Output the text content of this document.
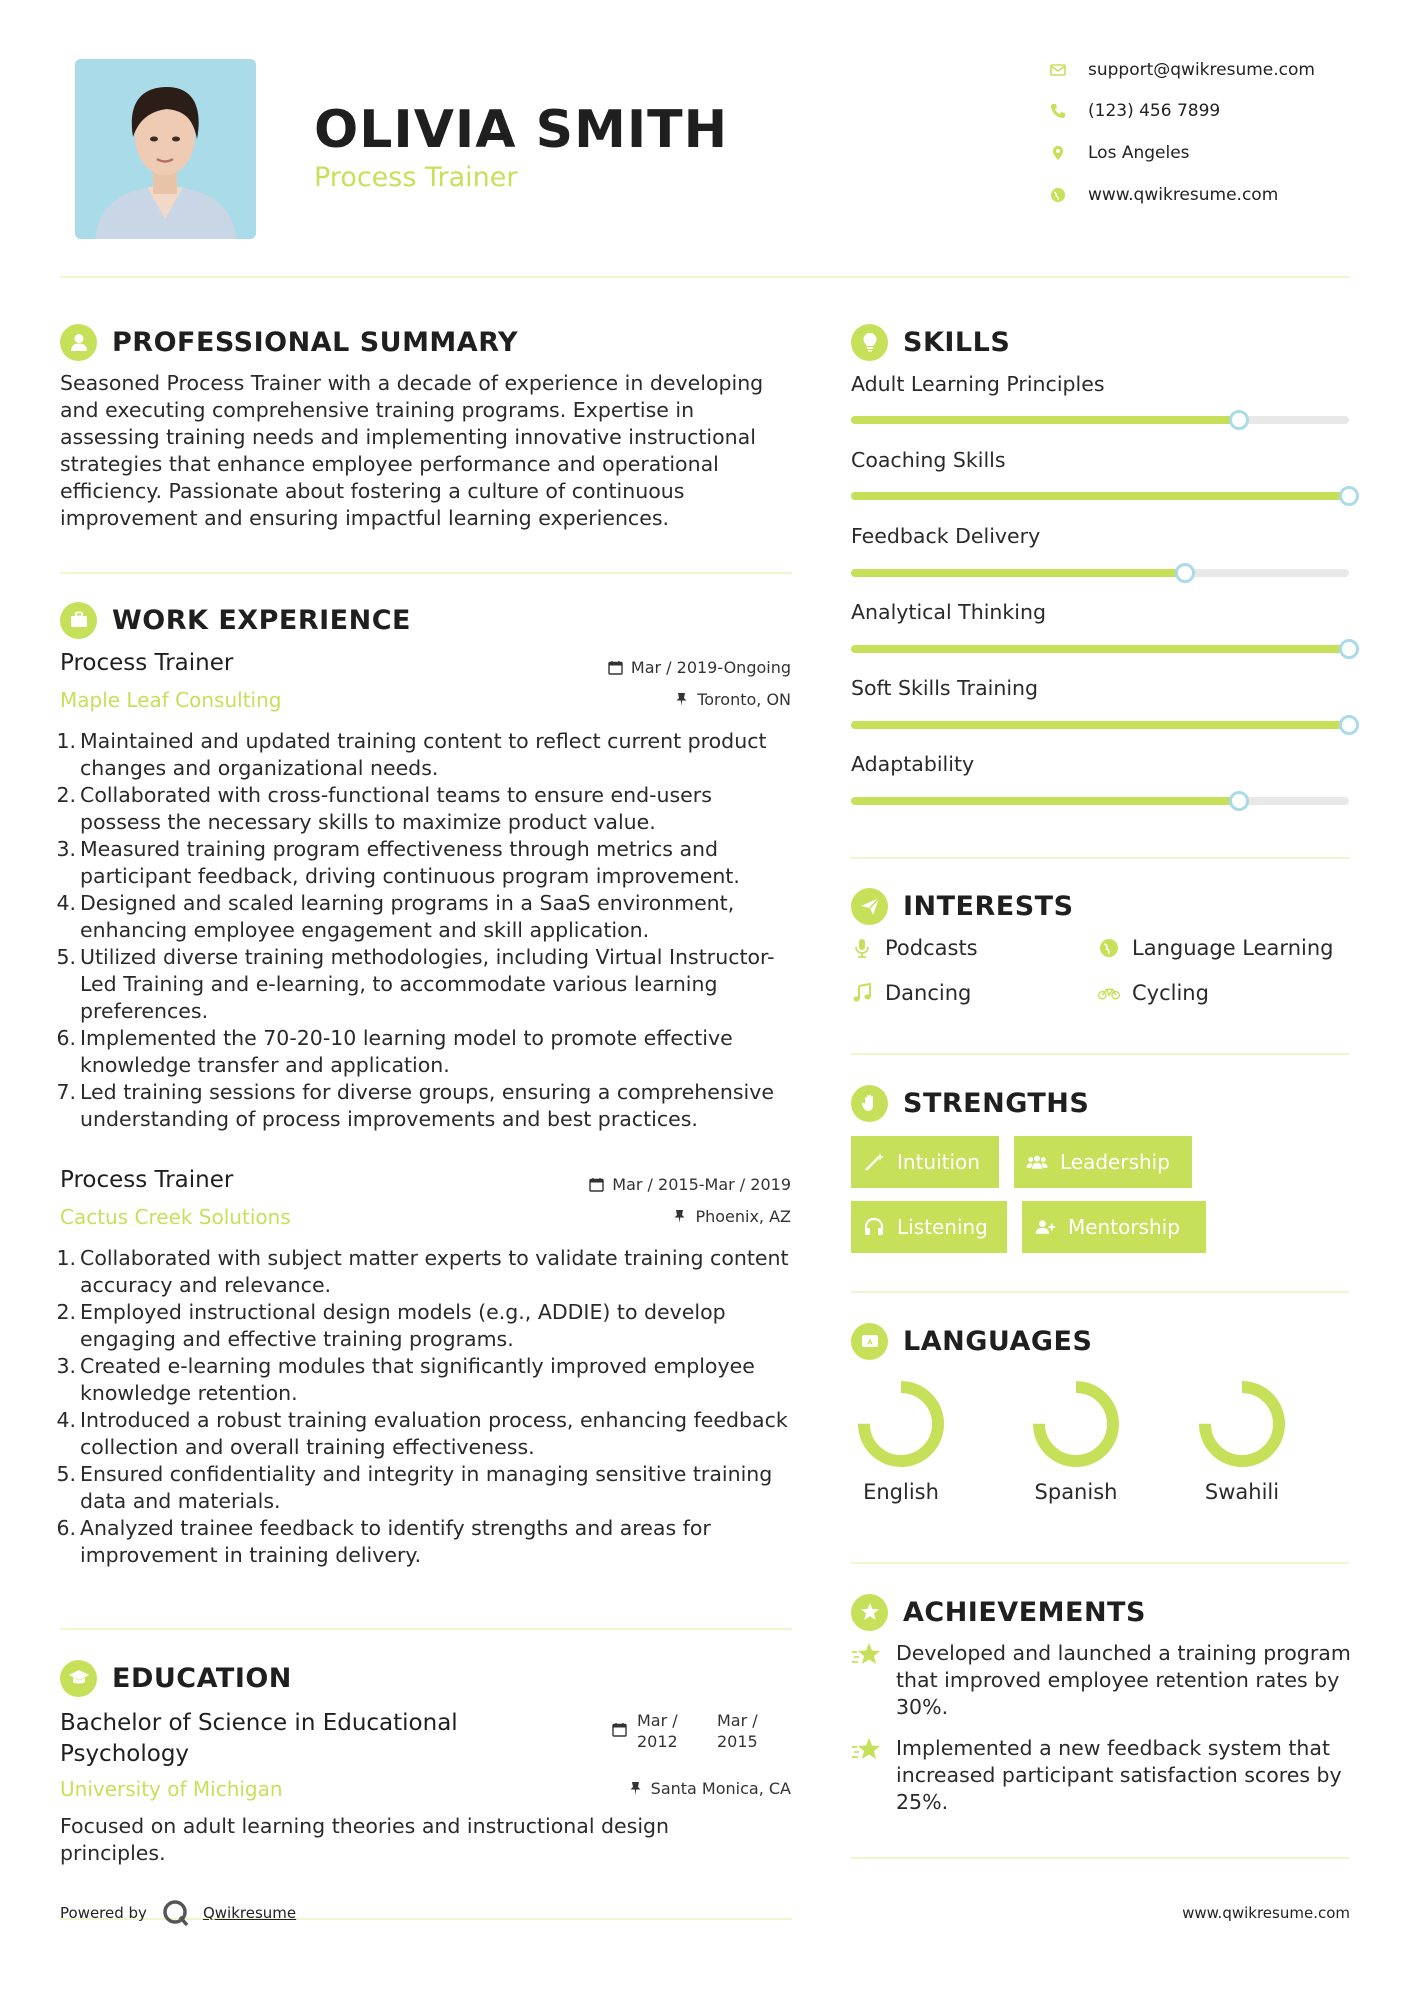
OLIVIA SMITH
Process Trainer
support@qwikresume.com
(123) 456 7899
Los Angeles
www.qwikresume.com
PROFESSIONAL SUMMARY
Seasoned Process Trainer with a decade of experience in developing and executing comprehensive training programs. Expertise in assessing training needs and implementing innovative instructional strategies that enhance employee performance and operational efficiency. Passionate about fostering a culture of continuous improvement and ensuring impactful learning experiences.
WORK EXPERIENCE
Process Trainer
Maple Leaf Consulting
Mar / 2019-Ongoing
Toronto, ON
1. Maintained and updated training content to reflect current product changes and organizational needs.
2. Collaborated with cross-functional teams to ensure end-users possess the necessary skills to maximize product value.
3. Measured training program effectiveness through metrics and participant feedback, driving continuous program improvement.
4. Designed and scaled learning programs in a SaaS environment, enhancing employee engagement and skill application.
5. Utilized diverse training methodologies, including Virtual Instructor-Led Training and e-learning, to accommodate various learning preferences.
6. Implemented the 70-20-10 learning model to promote effective knowledge transfer and application.
7. Led training sessions for diverse groups, ensuring a comprehensive understanding of process improvements and best practices.
Process Trainer
Cactus Creek Solutions
Mar / 2015-Mar / 2019
Phoenix, AZ
1. Collaborated with subject matter experts to validate training content accuracy and relevance.
2. Employed instructional design models (e.g., ADDIE) to develop engaging and effective training programs.
3. Created e-learning modules that significantly improved employee knowledge retention.
4. Introduced a robust training evaluation process, enhancing feedback collection and overall training effectiveness.
5. Ensured confidentiality and integrity in managing sensitive training data and materials.
6. Analyzed trainee feedback to identify strengths and areas for improvement in training delivery.
EDUCATION
Bachelor of Science in Educational Psychology
University of Michigan
Mar / 2012
Mar / 2015
Santa Monica, CA
Focused on adult learning theories and instructional design principles.
SKILLS
Adult Learning Principles
Coaching Skills
Feedback Delivery
Analytical Thinking
Soft Skills Training
Adaptability
INTERESTS
Podcasts	Language Learning
Dancing	Cycling
STRENGTHS
Intuition	Leadership
Listening	Mentorship
A LANGUAGES
English	Spanish	Swahili
ACHIEVEMENTS
Developed and launched a training program that improved employee retention rates by 30%.
Implemented a new feedback system that increased participant satisfaction scores by 25%.
Powered by	Qwikresume	www.qwikresume.com
